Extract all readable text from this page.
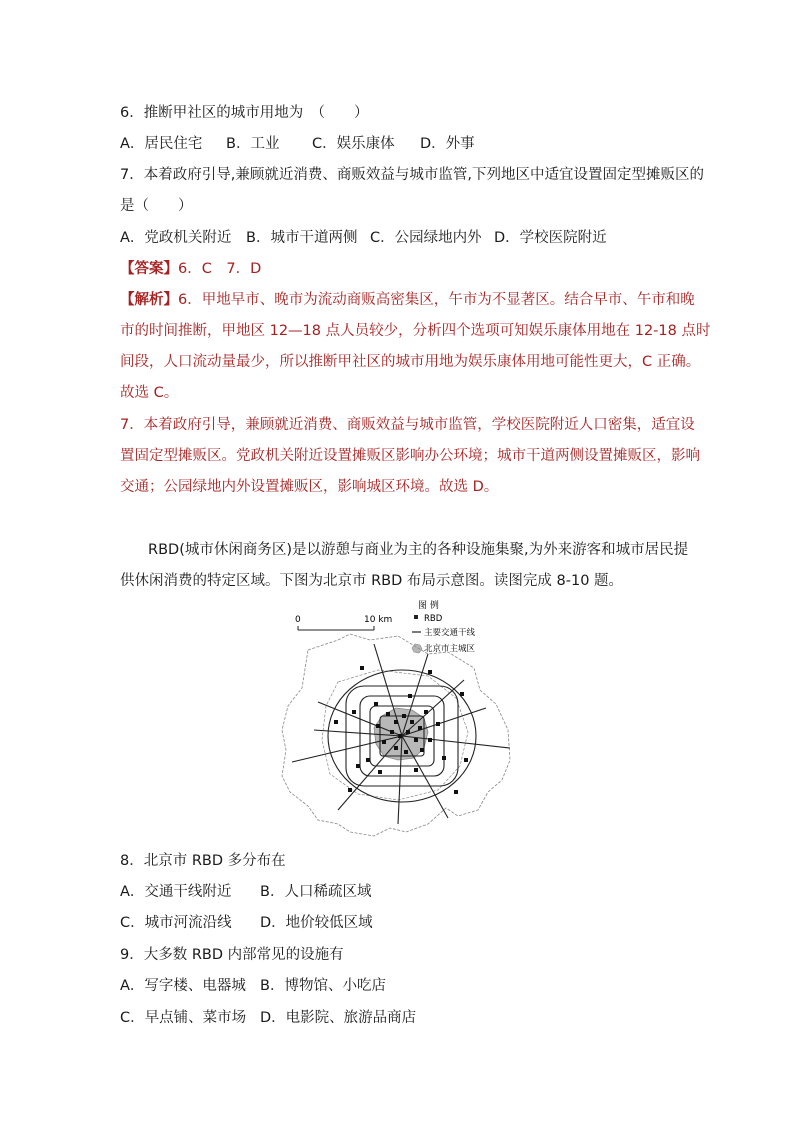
6．推断甲社区的城市用地为　（　　）
A．居民住宅 B．工业 C．娱乐康体 D．外事
7．本着政府引导,兼顾就近消费、商贩效益与城市监管,下列地区中适宜设置固定型摊贩区的
是（　　）
A．党政机关附近 B．城市干道两侧 C．公园绿地内外 D．学校医院附近
【答案】6．C　7．D
【解析】6．甲地早市、晚市为流动商贩高密集区，午市为不显著区。结合早市、午市和晚
市的时间推断，甲地区 12—18 点人员较少，分析四个选项可知娱乐康体用地在 12-18 点时
间段，人口流动量最少，所以推断甲社区的城市用地为娱乐康体用地可能性更大，C 正确。
故选 C。
7．本着政府引导，兼顾就近消费、商贩效益与城市监管，学校医院附近人口密集，适宜设
置固定型摊贩区。党政机关附近设置摊贩区影响办公环境；城市干道两侧设置摊贩区，影响
交通；公园绿地内外设置摊贩区，影响城区环境。故选 D。
RBD(城市休闲商务区)是以游憩与商业为主的各种设施集聚,为外来游客和城市居民提
供休闲消费的特定区域。下图为北京市 RBD 布局示意图。读图完成 8-10 题。
0	10 km
图 例
RBD
主要交通干线
北京市主城区
8．北京市 RBD 多分布在
A．交通干线附近 B．人口稀疏区域
C．城市河流沿线 D．地价较低区域
9．大多数 RBD 内部常见的设施有
A．写字楼、电器城 B．博物馆、小吃店
C．早点铺、菜市场 D．电影院、旅游品商店
